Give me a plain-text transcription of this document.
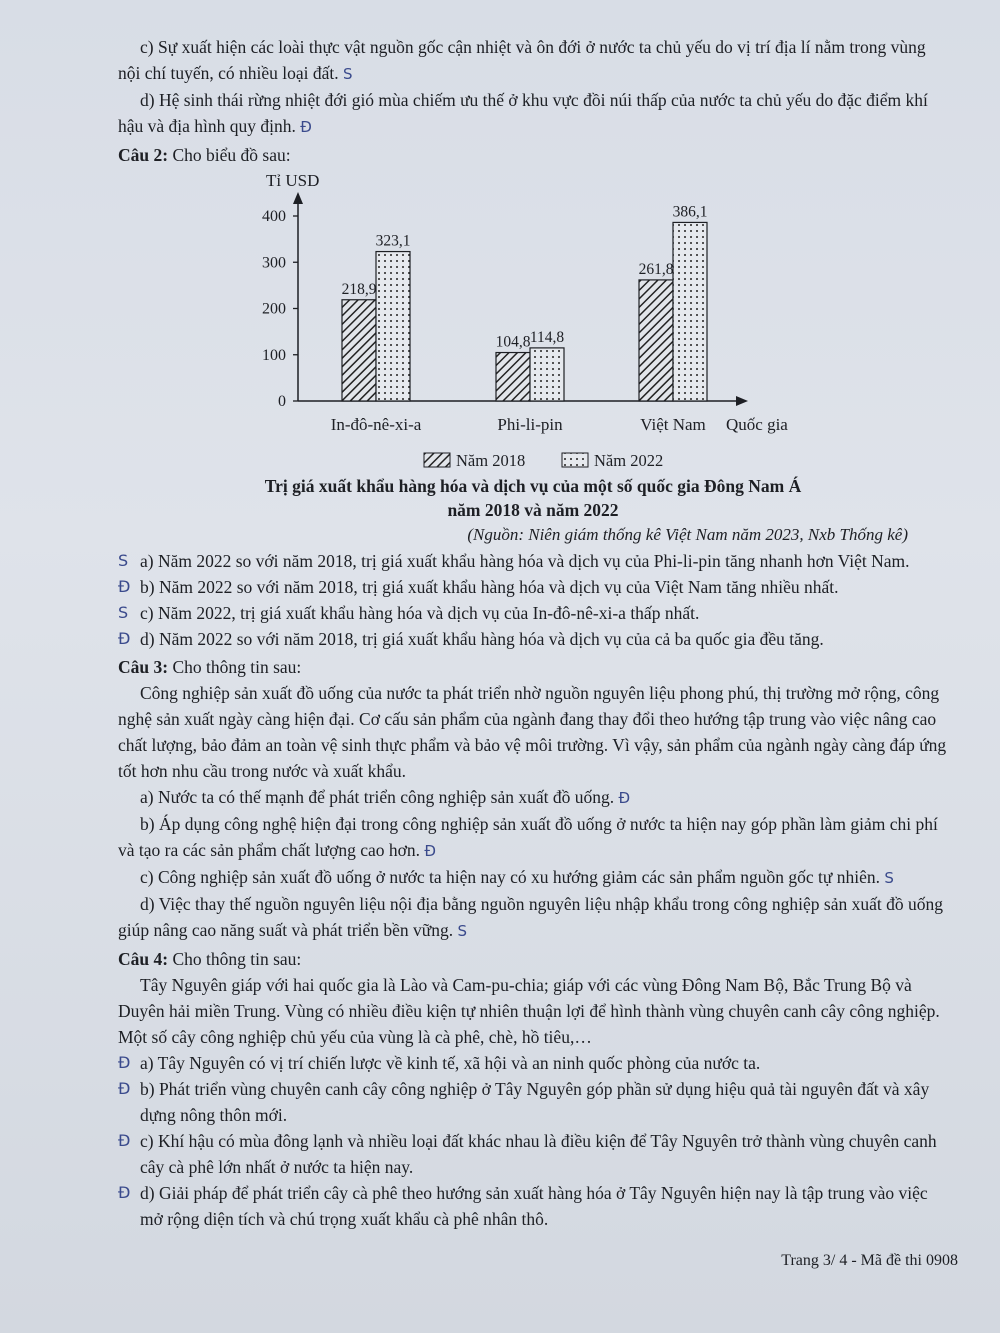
c) Sự xuất hiện các loài thực vật nguồn gốc cận nhiệt và ôn đới ở nước ta chủ yếu do vị trí địa lí nằm trong vùng nội chí tuyến, có nhiều loại đất. S

d) Hệ sinh thái rừng nhiệt đới gió mùa chiếm ưu thế ở khu vực đồi núi thấp của nước ta chủ yếu do đặc điểm khí hậu và địa hình quy định. Đ

Câu 2: Cho biểu đồ sau:

Tỉ USD
Quốc gia
0
100
200
300
400
218,9
323,1
In-đô-nê-xi-a
104,8 114,8
Phi-li-pin
261,8
386,1
Việt Nam
Năm 2018	Năm 2022
Trị giá xuất khẩu hàng hóa và dịch vụ của một số quốc gia Đông Nam Á
năm 2018 và năm 2022
(Nguồn: Niên giám thống kê Việt Nam năm 2023, Nxb Thống kê)

S a) Năm 2022 so với năm 2018, trị giá xuất khẩu hàng hóa và dịch vụ của Phi-li-pin tăng nhanh hơn Việt Nam.

Đ b) Năm 2022 so với năm 2018, trị giá xuất khẩu hàng hóa và dịch vụ của Việt Nam tăng nhiều nhất.

S c) Năm 2022, trị giá xuất khẩu hàng hóa và dịch vụ của In-đô-nê-xi-a thấp nhất.

Đ d) Năm 2022 so với năm 2018, trị giá xuất khẩu hàng hóa và dịch vụ của cả ba quốc gia đều tăng.

Câu 3: Cho thông tin sau:

Công nghiệp sản xuất đồ uống của nước ta phát triển nhờ nguồn nguyên liệu phong phú, thị trường mở rộng, công nghệ sản xuất ngày càng hiện đại. Cơ cấu sản phẩm của ngành đang thay đổi theo hướng tập trung vào việc nâng cao chất lượng, bảo đảm an toàn vệ sinh thực phẩm và bảo vệ môi trường. Vì vậy, sản phẩm của ngành ngày càng đáp ứng tốt hơn nhu cầu trong nước và xuất khẩu.

a) Nước ta có thế mạnh để phát triển công nghiệp sản xuất đồ uống. Đ

b) Áp dụng công nghệ hiện đại trong công nghiệp sản xuất đồ uống ở nước ta hiện nay góp phần làm giảm chi phí và tạo ra các sản phẩm chất lượng cao hơn. Đ

c) Công nghiệp sản xuất đồ uống ở nước ta hiện nay có xu hướng giảm các sản phẩm nguồn gốc tự nhiên. S

d) Việc thay thế nguồn nguyên liệu nội địa bằng nguồn nguyên liệu nhập khẩu trong công nghiệp sản xuất đồ uống giúp nâng cao năng suất và phát triển bền vững. S

Câu 4: Cho thông tin sau:

Tây Nguyên giáp với hai quốc gia là Lào và Cam-pu-chia; giáp với các vùng Đông Nam Bộ, Bắc Trung Bộ và Duyên hải miền Trung. Vùng có nhiều điều kiện tự nhiên thuận lợi để hình thành vùng chuyên canh cây công nghiệp. Một số cây công nghiệp chủ yếu của vùng là cà phê, chè, hồ tiêu,…

Đ a) Tây Nguyên có vị trí chiến lược về kinh tế, xã hội và an ninh quốc phòng của nước ta.

Đ b) Phát triển vùng chuyên canh cây công nghiệp ở Tây Nguyên góp phần sử dụng hiệu quả tài nguyên đất và xây dựng nông thôn mới.

Đ c) Khí hậu có mùa đông lạnh và nhiều loại đất khác nhau là điều kiện để Tây Nguyên trở thành vùng chuyên canh cây cà phê lớn nhất ở nước ta hiện nay.

Đ d) Giải pháp để phát triển cây cà phê theo hướng sản xuất hàng hóa ở Tây Nguyên hiện nay là tập trung vào việc mở rộng diện tích và chú trọng xuất khẩu cà phê nhân thô.

Trang 3/ 4 - Mã đề thi 0908
